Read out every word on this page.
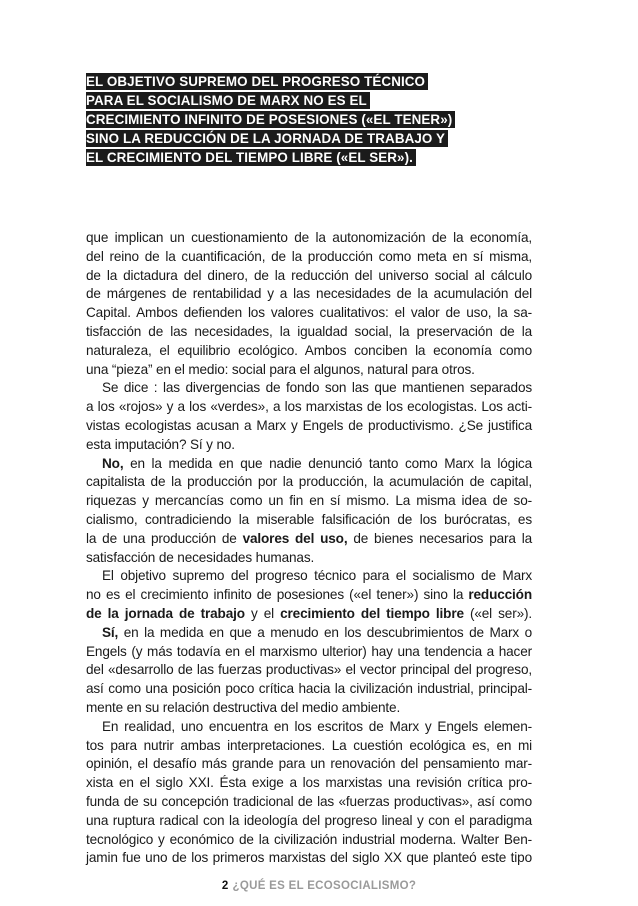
EL OBJETIVO SUPREMO DEL PROGRESO TÉCNICO
PARA EL SOCIALISMO DE MARX NO ES EL
CRECIMIENTO INFINITO DE POSESIONES («EL TENER»)
SINO LA REDUCCIÓN DE LA JORNADA DE TRABAJO Y
EL CRECIMIENTO DEL TIEMPO LIBRE («EL SER»).
que implican un cuestionamiento de la autonomización de la economía,
del reino de la cuantificación, de la producción como meta en sí misma,
de la dictadura del dinero, de la reducción del universo social al cálculo
de márgenes de rentabilidad y a las necesidades de la acumulación del
Capital. Ambos defienden los valores cualitativos: el valor de uso, la sa-
tisfacción de las necesidades, la igualdad social, la preservación de la
naturaleza, el equilibrio ecológico. Ambos conciben la economía como
una “pieza” en el medio: social para el algunos, natural para otros.
Se dice : las divergencias de fondo son las que mantienen separados
a los «rojos» y a los «verdes», a los marxistas de los ecologistas. Los acti-
vistas ecologistas acusan a Marx y Engels de productivismo. ¿Se justifica
esta imputación? Sí y no.
No, en la medida en que nadie denunció tanto como Marx la lógica
capitalista de la producción por la producción, la acumulación de capital,
riquezas y mercancías como un fin en sí mismo. La misma idea de so-
cialismo, contradiciendo la miserable falsificación de los burócratas, es
la de una producción de valores del uso, de bienes necesarios para la
satisfacción de necesidades humanas.
El objetivo supremo del progreso técnico para el socialismo de Marx
no es el crecimiento infinito de posesiones («el tener») sino la reducción
de la jornada de trabajo y el crecimiento del tiempo libre («el ser»).
Sí, en la medida en que a menudo en los descubrimientos de Marx o
Engels (y más todavía en el marxismo ulterior) hay una tendencia a hacer
del «desarrollo de las fuerzas productivas» el vector principal del progreso,
así como una posición poco crítica hacia la civilización industrial, principal-
mente en su relación destructiva del medio ambiente.
En realidad, uno encuentra en los escritos de Marx y Engels elemen-
tos para nutrir ambas interpretaciones. La cuestión ecológica es, en mi
opinión, el desafío más grande para un renovación del pensamiento mar-
xista en el siglo XXI. Ésta exige a los marxistas una revisión crítica pro-
funda de su concepción tradicional de las «fuerzas productivas», así como
una ruptura radical con la ideología del progreso lineal y con el paradigma
tecnológico y económico de la civilización industrial moderna. Walter Ben-
jamin fue uno de los primeros marxistas del siglo XX que planteó este tipo
2 ¿QUÉ ES EL ECOSOCIALISMO?
